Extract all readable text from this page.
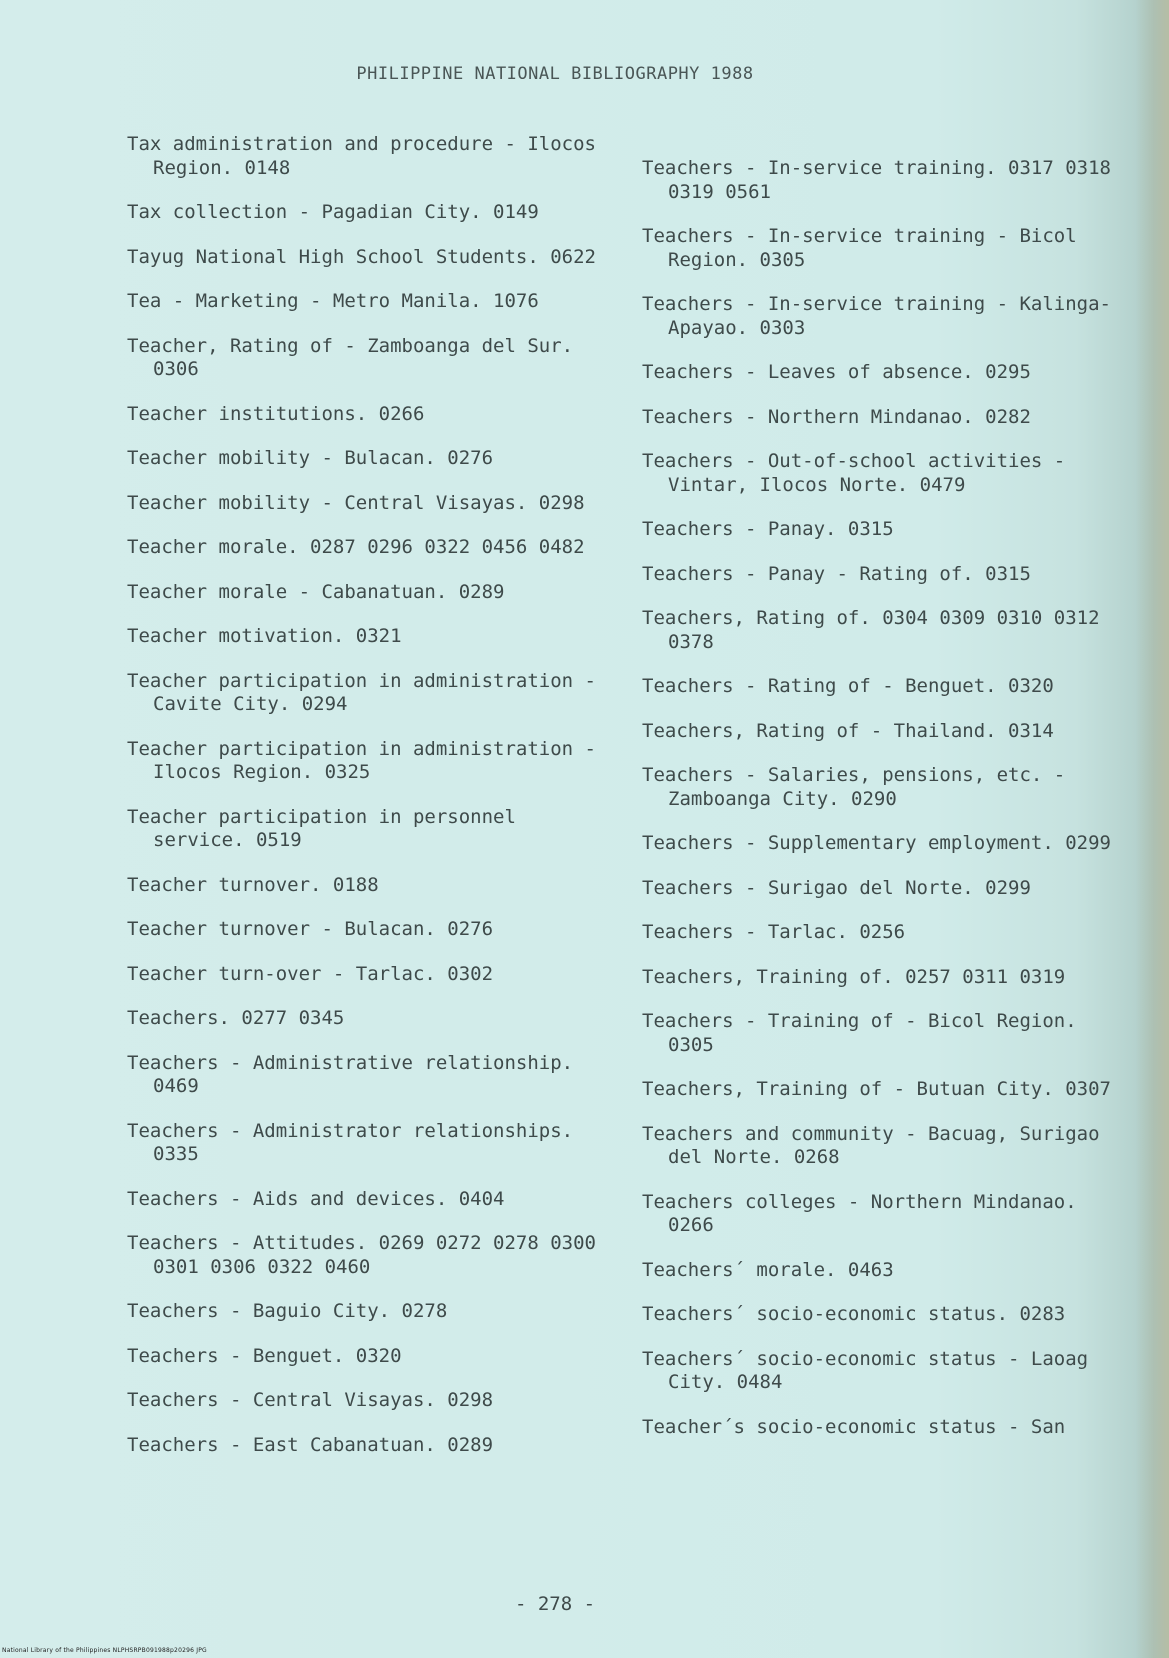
PHILIPPINE NATIONAL BIBLIOGRAPHY 1988

Tax administration and procedure - Ilocos Region. 0148

Tax collection - Pagadian City. 0149

Tayug National High School Students. 0622

Tea - Marketing - Metro Manila. 1076

Teacher, Rating of - Zamboanga del Sur. 0306

Teacher institutions. 0266

Teacher mobility - Bulacan. 0276

Teacher mobility - Central Visayas. 0298

Teacher morale. 0287 0296 0322 0456 0482

Teacher morale - Cabanatuan. 0289

Teacher motivation. 0321

Teacher participation in administration - Cavite City. 0294

Teacher participation in administration - Ilocos Region. 0325

Teacher participation in personnel service. 0519

Teacher turnover. 0188

Teacher turnover - Bulacan. 0276

Teacher turn-over - Tarlac. 0302

Teachers. 0277 0345

Teachers - Administrative relationship. 0469

Teachers - Administrator relationships. 0335

Teachers - Aids and devices. 0404

Teachers - Attitudes. 0269 0272 0278 0300 0301 0306 0322 0460

Teachers - Baguio City. 0278

Teachers - Benguet. 0320

Teachers - Central Visayas. 0298

Teachers - East Cabanatuan. 0289

Teachers - In-service training. 0317 0318 0319 0561

Teachers - In-service training - Bicol Region. 0305

Teachers - In-service training - Kalinga-Apayao. 0303

Teachers - Leaves of absence. 0295

Teachers - Northern Mindanao. 0282

Teachers - Out-of-school activities - Vintar, Ilocos Norte. 0479

Teachers - Panay. 0315

Teachers - Panay - Rating of. 0315

Teachers, Rating of. 0304 0309 0310 0312 0378

Teachers - Rating of - Benguet. 0320

Teachers, Rating of - Thailand. 0314

Teachers - Salaries, pensions, etc. - Zamboanga City. 0290

Teachers - Supplementary employment. 0299

Teachers - Surigao del Norte. 0299

Teachers - Tarlac. 0256

Teachers, Training of. 0257 0311 0319

Teachers - Training of - Bicol Region. 0305

Teachers, Training of - Butuan City. 0307

Teachers and community - Bacuag, Surigao del Norte. 0268

Teachers colleges - Northern Mindanao. 0266

Teachers´ morale. 0463

Teachers´ socio-economic status. 0283

Teachers´ socio-economic status - Laoag City. 0484

Teacher´s socio-economic status - San

- 278 -
National Library of the Philippines NLPHSRPB091988p20296 JPG
